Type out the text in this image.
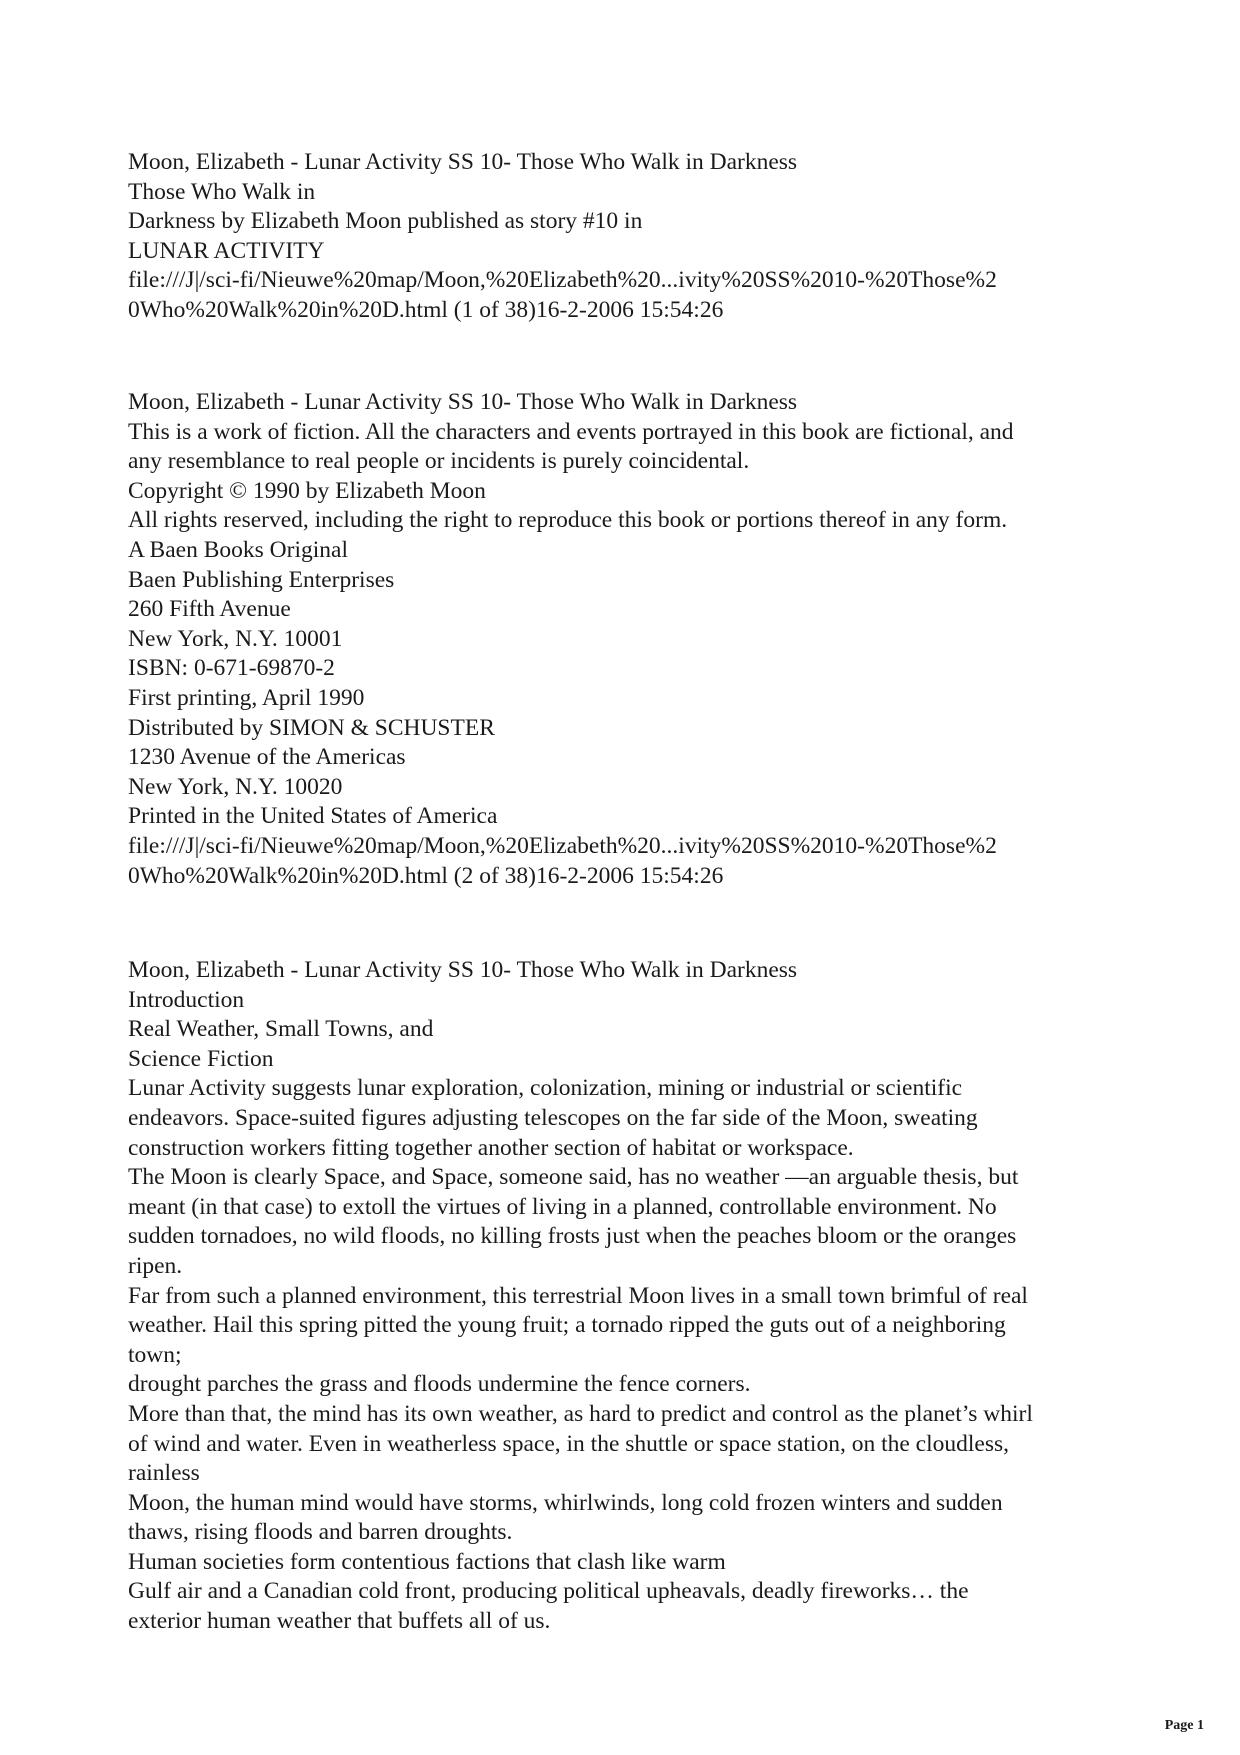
Moon, Elizabeth - Lunar Activity SS 10- Those Who Walk in Darkness
Those Who Walk in
Darkness by Elizabeth Moon published as story #10 in
LUNAR ACTIVITY
file:///J|/sci-fi/Nieuwe%20map/Moon,%20Elizabeth%20...ivity%20SS%2010-%20Those%2
0Who%20Walk%20in%20D.html (1 of 38)16-2-2006 15:54:26
Moon, Elizabeth - Lunar Activity SS 10- Those Who Walk in Darkness
This is a work of fiction. All the characters and events portrayed in this book are fictional, and
any resemblance to real people or incidents is purely coincidental.
Copyright © 1990 by Elizabeth Moon
All rights reserved, including the right to reproduce this book or portions thereof in any form.
A Baen Books Original
Baen Publishing Enterprises
260 Fifth Avenue
New York, N.Y. 10001
ISBN: 0-671-69870-2
First printing, April 1990
Distributed by SIMON & SCHUSTER
1230 Avenue of the Americas
New York, N.Y. 10020
Printed in the United States of America
file:///J|/sci-fi/Nieuwe%20map/Moon,%20Elizabeth%20...ivity%20SS%2010-%20Those%2
0Who%20Walk%20in%20D.html (2 of 38)16-2-2006 15:54:26
Moon, Elizabeth - Lunar Activity SS 10- Those Who Walk in Darkness
Introduction
Real Weather, Small Towns, and
Science Fiction
Lunar Activity suggests lunar exploration, colonization, mining or industrial or scientific
endeavors. Space-suited figures adjusting telescopes on the far side of the Moon, sweating
construction workers fitting together another section of habitat or workspace.
The Moon is clearly Space, and Space, someone said, has no weather —an arguable thesis, but
meant (in that case) to extoll the virtues of living in a planned, controllable environment. No
sudden tornadoes, no wild floods, no killing frosts just when the peaches bloom or the oranges
ripen.
Far from such a planned environment, this terrestrial Moon lives in a small town brimful of real
weather. Hail this spring pitted the young fruit; a tornado ripped the guts out of a neighboring
town;
drought parches the grass and floods undermine the fence corners.
More than that, the mind has its own weather, as hard to predict and control as the planet’s whirl
of wind and water. Even in weatherless space, in the shuttle or space station, on the cloudless,
rainless
Moon, the human mind would have storms, whirlwinds, long cold frozen winters and sudden
thaws, rising floods and barren droughts.
Human societies form contentious factions that clash like warm
Gulf air and a Canadian cold front, producing political upheavals, deadly fireworks… the
exterior human weather that buffets all of us.
Page 1
